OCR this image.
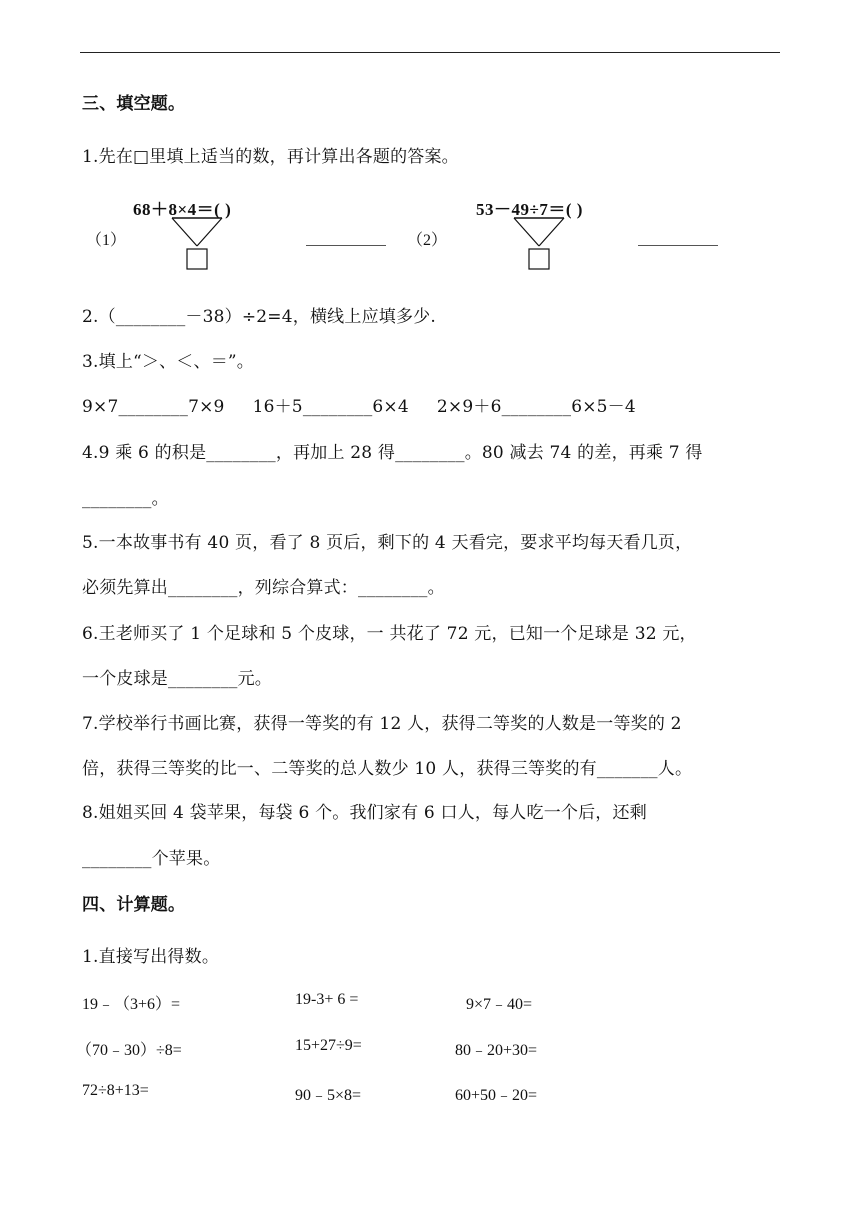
三、填空题。
1.先在□里填上适当的数，再计算出各题的答案。
（1）
68＋8×4＝( )
（2）
53－49÷7＝( )
2.（________－38）÷2=4，横线上应填多少.
3.填上“＞、＜、＝”。
9×7________7×9     16＋5________6×4     2×9＋6________6×5－4
4.9 乘 6 的积是________，再加上 28 得________。80 减去 74 的差，再乘 7 得
________。
5.一本故事书有 40 页，看了 8 页后，剩下的 4 天看完，要求平均每天看几页，
必须先算出________，列综合算式：________。
6.王老师买了 1 个足球和 5 个皮球，一 共花了 72 元，已知一个足球是 32 元，
一个皮球是________元。
7.学校举行书画比赛，获得一等奖的有 12 人，获得二等奖的人数是一等奖的 2
倍，获得三等奖的比一、二等奖的总人数少 10 人，获得三等奖的有_______人。
8.姐姐买回 4 袋苹果，每袋 6 个。我们家有 6 口人，每人吃一个后，还剩
________个苹果。
四、计算题。
1.直接写出得数。
19﹣（3+6）=	19-3+ 6 =	9×7﹣40=
（70﹣30）÷8=	15+27÷9=	80﹣20+30=
72÷8+13=	90﹣5×8=	60+50﹣20=
